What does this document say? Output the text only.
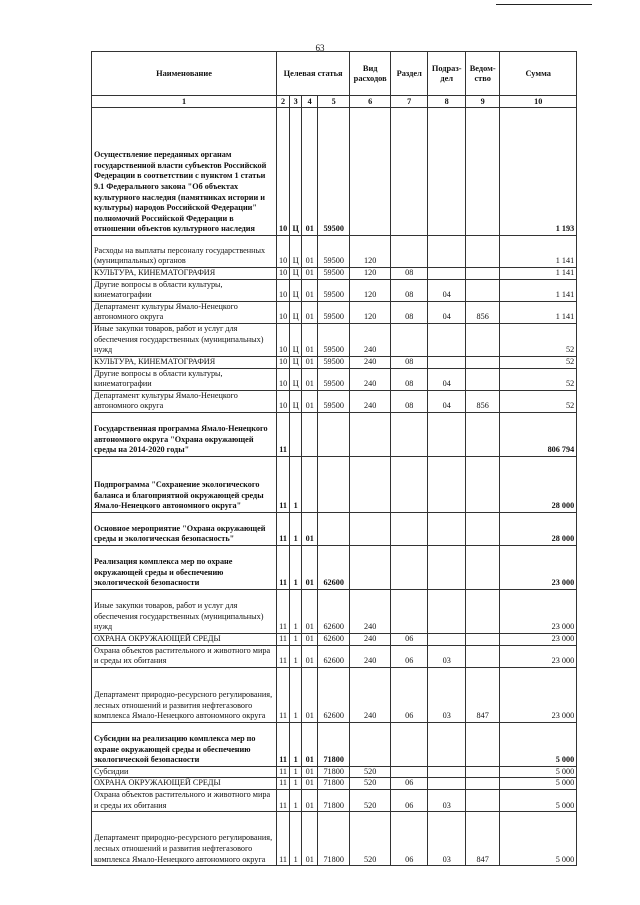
63
Наименование	Целевая статья				Вид расходов	Раздел	Подраз-дел	Ведом-ство	Сумма
1	2	3	4	5	6	7	8	9	10
Осуществление переданных органам государственной власти субъектов Российской Федерации в соответствии с пунктом 1 статьи 9.1 Федерального закона "Об объектах культурного наследия (памятниках истории и культуры) народов Российской Федерации" полномочий Российской Федерации в отношении объектов культурного наследия	10	Ц	01	59500					1 193
Расходы на выплаты персоналу государственных (муниципальных) органов	10	Ц	01	59500	120				1 141
КУЛЬТУРА, КИНЕМАТОГРАФИЯ	10	Ц	01	59500	120	08			1 141
Другие вопросы в области культуры, кинематографии	10	Ц	01	59500	120	08	04		1 141
Департамент культуры Ямало-Ненецкого автономного округа	10	Ц	01	59500	120	08	04	856	1 141
Иные закупки товаров, работ и услуг для обеспечения государственных (муниципальных) нужд	10	Ц	01	59500	240				52
КУЛЬТУРА, КИНЕМАТОГРАФИЯ	10	Ц	01	59500	240	08			52
Другие вопросы в области культуры, кинематографии	10	Ц	01	59500	240	08	04		52
Департамент культуры Ямало-Ненецкого автономного округа	10	Ц	01	59500	240	08	04	856	52
Государственная программа Ямало-Ненецкого автономного округа "Охрана окружающей среды на 2014-2020 годы"	11								806 794
Подпрограмма "Сохранение экологического баланса и благоприятной окружающей среды Ямало-Ненецкого автономного округа"	11	1							28 000
Основное мероприятие "Охрана окружающей среды и экологическая безопасность"	11	1	01						28 000
Реализация комплекса мер по охране окружающей среды и обеспечению экологической безопасности	11	1	01	62600					23 000
Иные закупки товаров, работ и услуг для обеспечения государственных (муниципальных) нужд	11	1	01	62600	240				23 000
ОХРАНА ОКРУЖАЮЩЕЙ СРЕДЫ	11	1	01	62600	240	06			23 000
Охрана объектов растительного и животного мира и среды их обитания	11	1	01	62600	240	06	03		23 000
Департамент природно-ресурсного регулирования, лесных отношений и развития нефтегазового комплекса Ямало-Ненецкого автономного округа	11	1	01	62600	240	06	03	847	23 000
Субсидии на реализацию комплекса мер по охране окружающей среды и обеспечению экологической безопасности	11	1	01	71800					5 000
Субсидии	11	1	01	71800	520				5 000
ОХРАНА ОКРУЖАЮЩЕЙ СРЕДЫ	11	1	01	71800	520	06			5 000
Охрана объектов растительного и животного мира и среды их обитания	11	1	01	71800	520	06	03		5 000
Департамент природно-ресурсного регулирования, лесных отношений и развития нефтегазового комплекса Ямало-Ненецкого автономного округа	11	1	01	71800	520	06	03	847	5 000
